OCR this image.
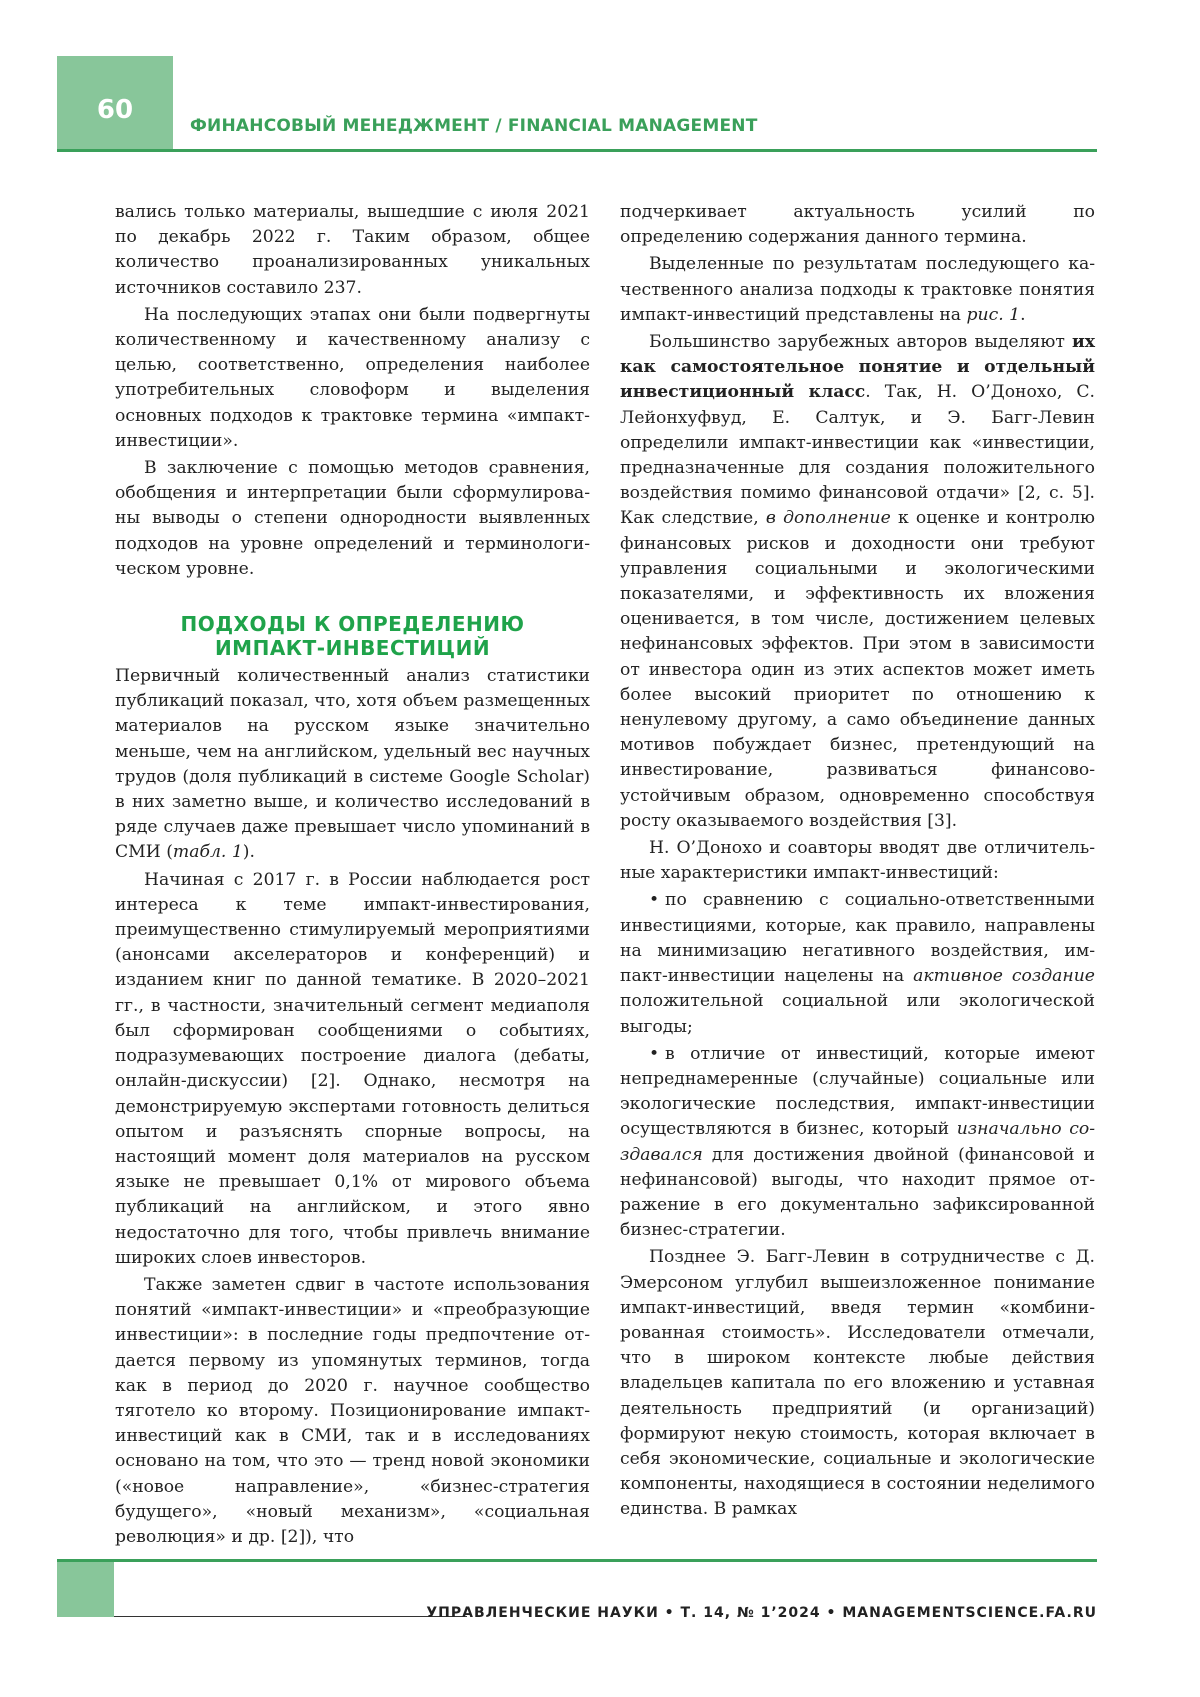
60
ФИНАНСОВЫЙ МЕНЕДЖМЕНТ / FINANCIAL MANAGEMENT

вались только материалы, вышедшие с июля 2021 по декабрь 2022 г. Таким образом, общее количество проанализированных уникальных источников составило 237.

На последующих этапах они были подвергнуты количественному и качественному анализу с целью, соответственно, определения наиболее употребительных словоформ и выделения основных подходов к трактовке термина «импакт-инвестиции».

В заключение с помощью методов сравнения, обобщения и интерпретации были сформулированы выводы о степени однородности выявленных подходов на уровне определений и терминологическом уровне.

ПОДХОДЫ К ОПРЕДЕЛЕНИЮ
ИМПАКТ-ИНВЕСТИЦИЙ

Первичный количественный анализ статистики публикаций показал, что, хотя объем размещенных материалов на русском языке значительно меньше, чем на английском, удельный вес научных трудов (доля публикаций в системе Google Scholar) в них заметно выше, и количество исследований в ряде случаев даже превышает число упоминаний в СМИ (табл. 1).

Начиная с 2017 г. в России наблюдается рост интереса к теме импакт-инвестирования, преимущественно стимулируемый мероприятиями (анонсами акселераторов и конференций) и изданием книг по данной тематике. В 2020–2021 гг., в частности, значительный сегмент медиаполя был сформирован сообщениями о событиях, подразумевающих построение диалога (дебаты, онлайн-дискуссии) [2]. Однако, несмотря на демонстрируемую экспертами готовность делиться опытом и разъяснять спорные вопросы, на настоящий момент доля материалов на русском языке не превышает 0,1% от мирового объема публикаций на английском, и этого явно недостаточно для того, чтобы привлечь внимание широких слоев инвесторов.

Также заметен сдвиг в частоте использования понятий «импакт-инвестиции» и «преобразующие инвестиции»: в последние годы предпочтение отдается первому из упомянутых терминов, тогда как в период до 2020 г. научное сообщество тяготело ко второму. Позиционирование импакт-инвестиций как в СМИ, так и в исследованиях основано на том, что это — тренд новой экономики («новое направление», «бизнес-стратегия будущего», «новый механизм», «социальная революция» и др. [2]), что

подчеркивает актуальность усилий по определению содержания данного термина.

Выделенные по результатам последующего качественного анализа подходы к трактовке понятия импакт-инвестиций представлены на рис. 1.

Большинство зарубежных авторов выделяют их как самостоятельное понятие и отдельный инвестиционный класс. Так, Н. О’Донохо, С. Лейонхуфвуд, Е. Салтук, и Э. Багг-Левин определили импакт-инвестиции как «инвестиции, предназначенные для создания положительного воздействия помимо финансовой отдачи» [2, с. 5]. Как следствие, в дополнение к оценке и контролю финансовых рисков и доходности они требуют управления социальными и экологическими показателями, и эффективность их вложения оценивается, в том числе, достижением целевых нефинансовых эффектов. При этом в зависимости от инвестора один из этих аспектов может иметь более высокий приоритет по отношению к ненулевому другому, а само объединение данных мотивов побуждает бизнес, претендующий на инвестирование, развиваться финансово-устойчивым образом, одновременно способствуя росту оказываемого воздействия [3].

Н. О’Донохо и соавторы вводят две отличительные характеристики импакт-инвестиций:

• по сравнению с социально-ответственными инвестициями, которые, как правило, направлены на минимизацию негативного воздействия, импакт-инвестиции нацелены на активное создание положительной социальной или экологической выгоды;
• в отличие от инвестиций, которые имеют непреднамеренные (случайные) социальные или экологические последствия, импакт-инвестиции осуществляются в бизнес, который изначально создавался для достижения двойной (финансовой и нефинансовой) выгоды, что находит прямое отражение в его документально зафиксированной бизнес-стратегии.

Позднее Э. Багг-Левин в сотрудничестве с Д. Эмерсоном углубил вышеизложенное понимание импакт-инвестиций, введя термин «комбинированная стоимость». Исследователи отмечали, что в широком контексте любые действия владельцев капитала по его вложению и уставная деятельность предприятий (и организаций) формируют некую стоимость, которая включает в себя экономические, социальные и экологические компоненты, находящиеся в состоянии неделимого единства. В рамках

УПРАВЛЕНЧЕСКИЕ НАУКИ • Т. 14, № 1’2024 • MANAGEMENTSCIENCE.FA.RU
